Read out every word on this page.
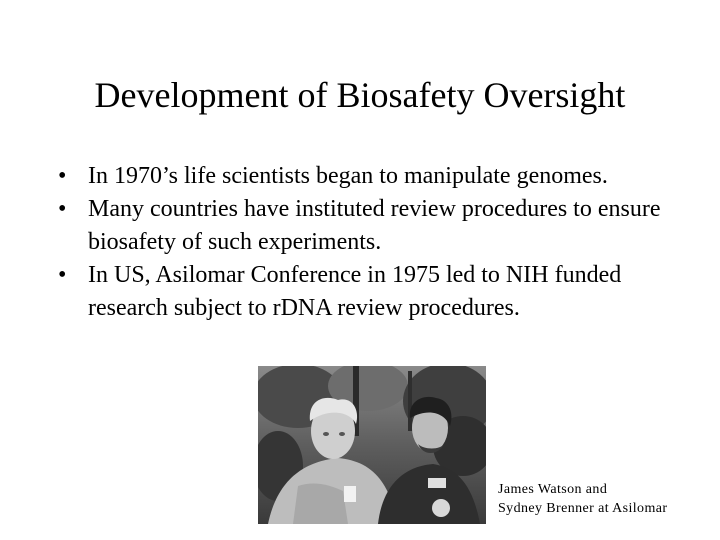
Development of Biosafety Oversight
• In 1970’s life scientists began to manipulate genomes.
• Many countries have instituted review procedures to ensure biosafety of such experiments.
• In US, Asilomar Conference in 1975 led to NIH funded research subject to rDNA review procedures.
James Watson and
Sydney Brenner at Asilomar
